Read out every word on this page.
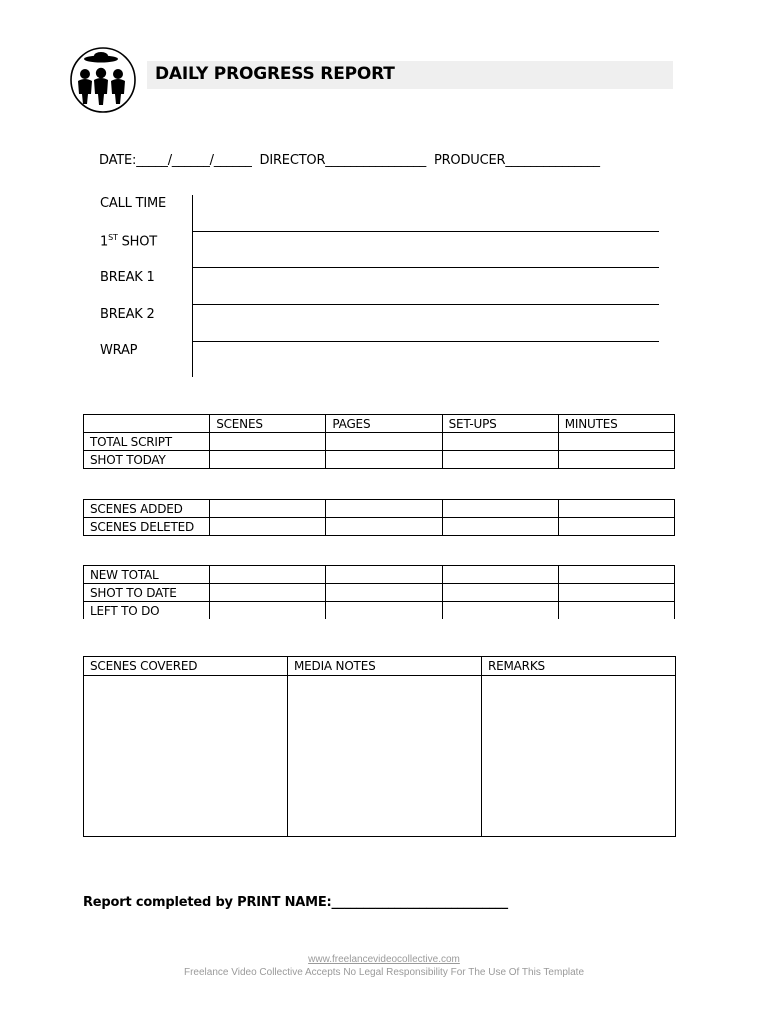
DAILY PROGRESS REPORT
DATE:_____/______/______  DIRECTOR________________  PRODUCER_______________
CALL TIME
1ST SHOT
BREAK 1
BREAK 2
WRAP
	SCENES	PAGES	SET-UPS	MINUTES
TOTAL SCRIPT				
SHOT TODAY				
SCENES ADDED				
SCENES DELETED				
NEW TOTAL				
SHOT TO DATE				
LEFT TO DO				
SCENES COVERED	MEDIA NOTES	REMARKS

Report completed by PRINT NAME:____________________________
www.freelancevideocollective.com
Freelance Video Collective Accepts No Legal Responsibility For The Use Of This Template
